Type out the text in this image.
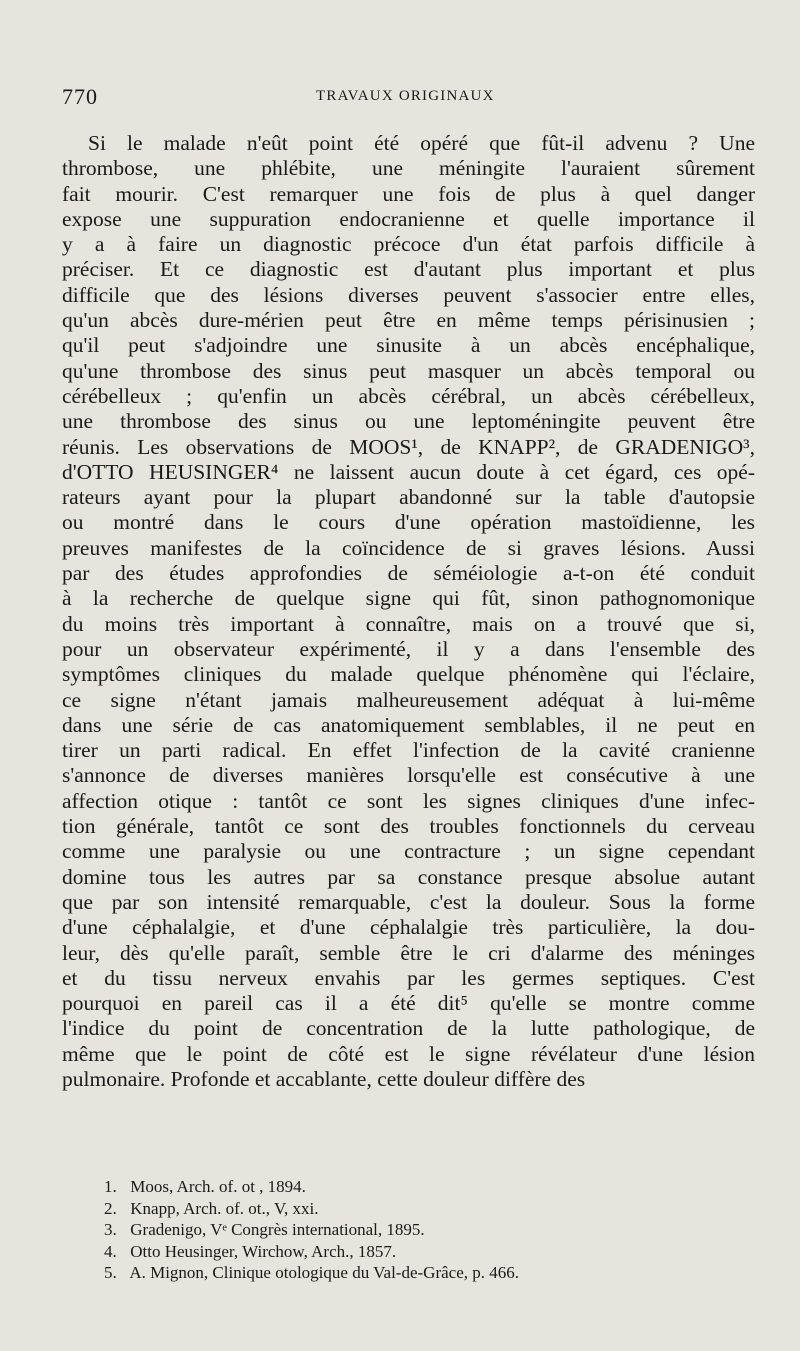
770	TRAVAUX ORIGINAUX
Si le malade n'eût point été opéré que fût-il advenu ? Une
thrombose, une phlébite, une méningite l'auraient sûrement
fait mourir. C'est remarquer une fois de plus à quel danger
expose une suppuration endocranienne et quelle importance il
y a à faire un diagnostic précoce d'un état parfois difficile à
préciser. Et ce diagnostic est d'autant plus important et plus
difficile que des lésions diverses peuvent s'associer entre elles,
qu'un abcès dure-mérien peut être en même temps périsinusien ;
qu'il peut s'adjoindre une sinusite à un abcès encéphalique,
qu'une thrombose des sinus peut masquer un abcès temporal ou
cérébelleux ; qu'enfin un abcès cérébral, un abcès cérébelleux,
une thrombose des sinus ou une leptoméningite peuvent être
réunis. Les observations de MOOS¹, de KNAPP², de GRADENIGO³,
d'OTTO HEUSINGER⁴ ne laissent aucun doute à cet égard, ces opé-
rateurs ayant pour la plupart abandonné sur la table d'autopsie
ou montré dans le cours d'une opération mastoïdienne, les
preuves manifestes de la coïncidence de si graves lésions. Aussi
par des études approfondies de séméiologie a-t-on été conduit
à la recherche de quelque signe qui fût, sinon pathognomonique
du moins très important à connaître, mais on a trouvé que si,
pour un observateur expérimenté, il y a dans l'ensemble des
symptômes cliniques du malade quelque phénomène qui l'éclaire,
ce signe n'étant jamais malheureusement adéquat à lui-même
dans une série de cas anatomiquement semblables, il ne peut en
tirer un parti radical. En effet l'infection de la cavité cranienne
s'annonce de diverses manières lorsqu'elle est consécutive à une
affection otique : tantôt ce sont les signes cliniques d'une infec-
tion générale, tantôt ce sont des troubles fonctionnels du cerveau
comme une paralysie ou une contracture ; un signe cependant
domine tous les autres par sa constance presque absolue autant
que par son intensité remarquable, c'est la douleur. Sous la forme
d'une céphalalgie, et d'une céphalalgie très particulière, la dou-
leur, dès qu'elle paraît, semble être le cri d'alarme des méninges
et du tissu nerveux envahis par les germes septiques. C'est
pourquoi en pareil cas il a été dit⁵ qu'elle se montre comme
l'indice du point de concentration de la lutte pathologique, de
même que le point de côté est le signe révélateur d'une lésion
pulmonaire. Profonde et accablante, cette douleur diffère des
1. Moos, Arch. of. ot , 1894.
2. Knapp, Arch. of. ot., V, xxi.
3. Gradenigo, Vᵉ Congrès international, 1895.
4. Otto Heusinger, Wirchow, Arch., 1857.
5. A. Mignon, Clinique otologique du Val-de-Grâce, p. 466.
